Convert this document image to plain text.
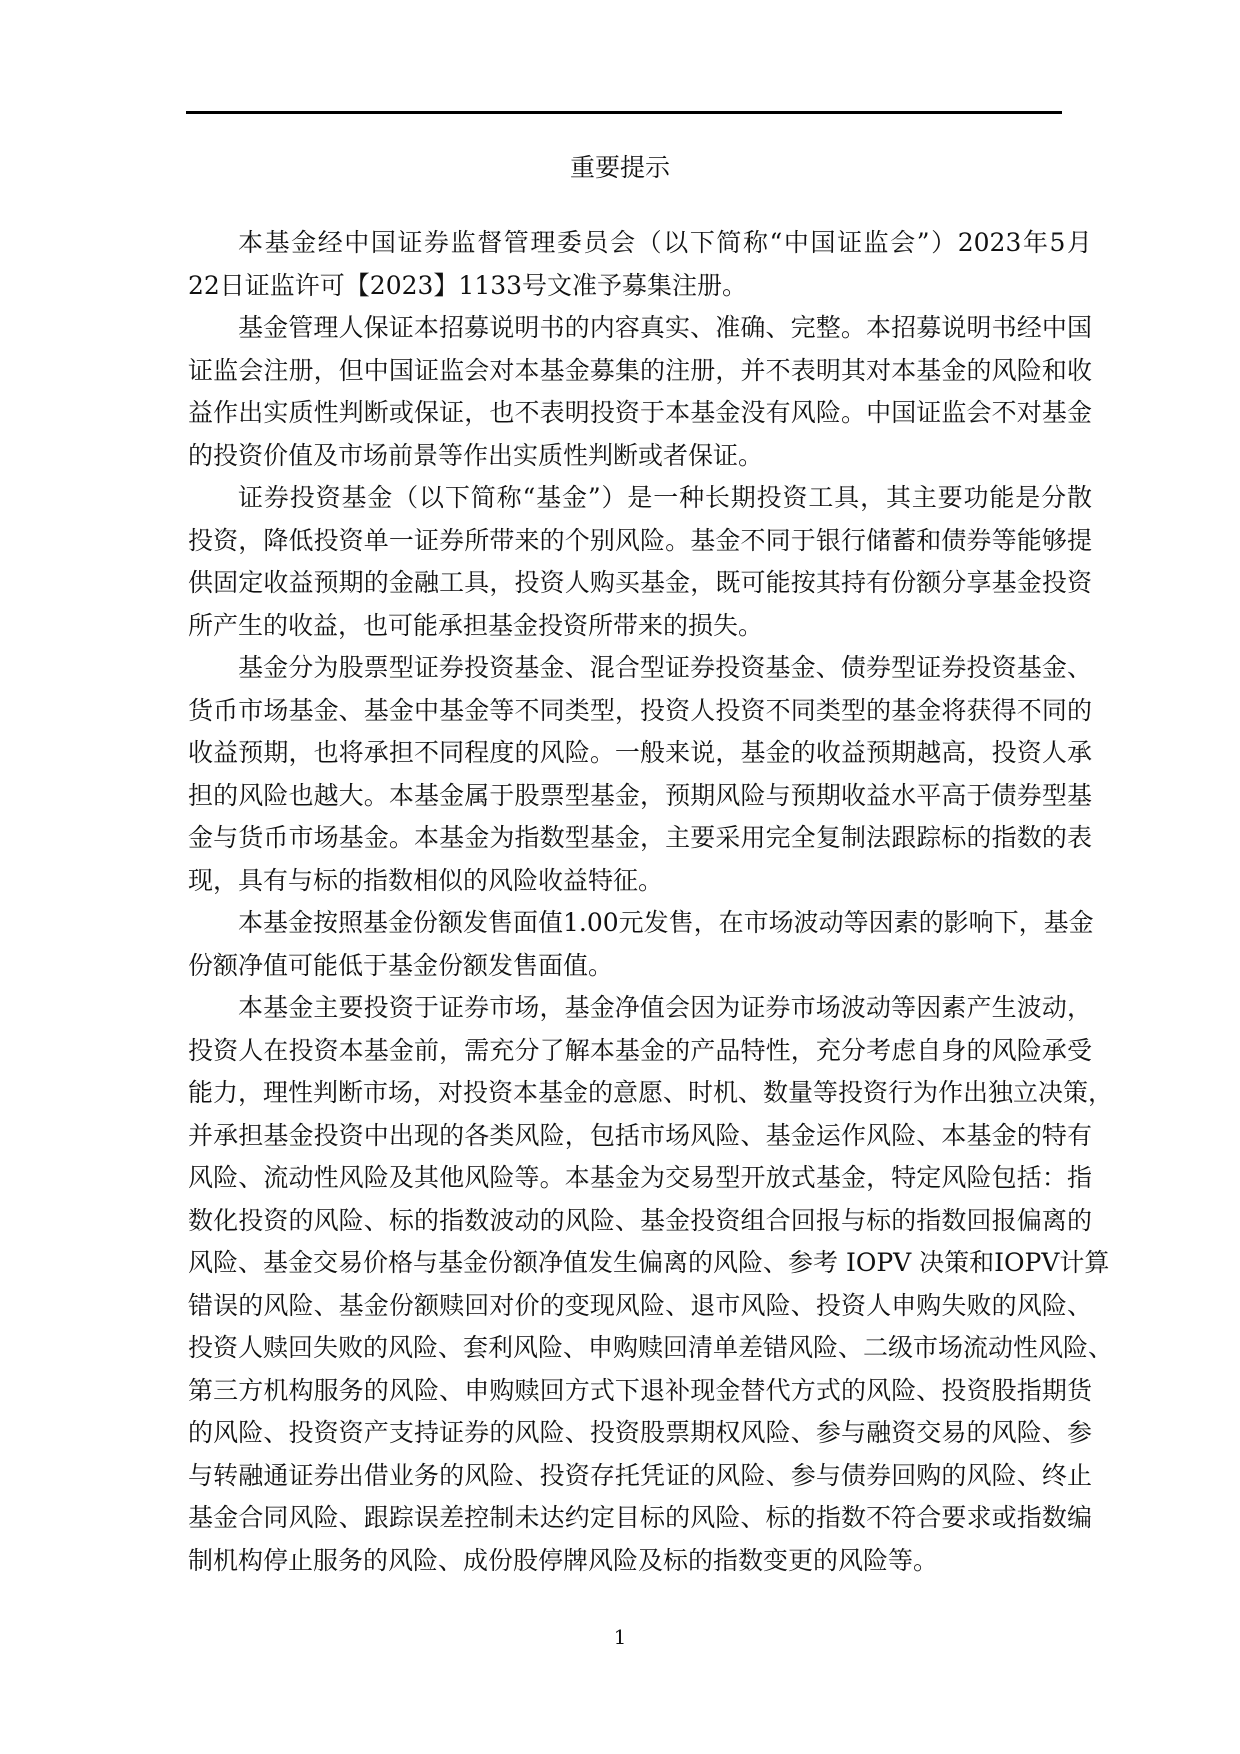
重要提示
本基金经中国证券监督管理委员会（以下简称“中国证监会”）2023年5月
22日证监许可【2023】1133号文准予募集注册。
基金管理人保证本招募说明书的内容真实、准确、完整。本招募说明书经中国
证监会注册，但中国证监会对本基金募集的注册，并不表明其对本基金的风险和收
益作出实质性判断或保证，也不表明投资于本基金没有风险。中国证监会不对基金
的投资价值及市场前景等作出实质性判断或者保证。
证券投资基金（以下简称“基金”）是一种长期投资工具，其主要功能是分散
投资，降低投资单一证券所带来的个别风险。基金不同于银行储蓄和债券等能够提
供固定收益预期的金融工具，投资人购买基金，既可能按其持有份额分享基金投资
所产生的收益，也可能承担基金投资所带来的损失。
基金分为股票型证券投资基金、混合型证券投资基金、债券型证券投资基金、
货币市场基金、基金中基金等不同类型，投资人投资不同类型的基金将获得不同的
收益预期，也将承担不同程度的风险。一般来说，基金的收益预期越高，投资人承
担的风险也越大。本基金属于股票型基金，预期风险与预期收益水平高于债券型基
金与货币市场基金。本基金为指数型基金，主要采用完全复制法跟踪标的指数的表
现，具有与标的指数相似的风险收益特征。
本基金按照基金份额发售面值1.00元发售，在市场波动等因素的影响下，基金
份额净值可能低于基金份额发售面值。
本基金主要投资于证券市场，基金净值会因为证券市场波动等因素产生波动，
投资人在投资本基金前，需充分了解本基金的产品特性，充分考虑自身的风险承受
能力，理性判断市场，对投资本基金的意愿、时机、数量等投资行为作出独立决策，
并承担基金投资中出现的各类风险，包括市场风险、基金运作风险、本基金的特有
风险、流动性风险及其他风险等。本基金为交易型开放式基金，特定风险包括：指
数化投资的风险、标的指数波动的风险、基金投资组合回报与标的指数回报偏离的
风险、基金交易价格与基金份额净值发生偏离的风险、参考 IOPV 决策和IOPV计算
错误的风险、基金份额赎回对价的变现风险、退市风险、投资人申购失败的风险、
投资人赎回失败的风险、套利风险、申购赎回清单差错风险、二级市场流动性风险、
第三方机构服务的风险、申购赎回方式下退补现金替代方式的风险、投资股指期货
的风险、投资资产支持证券的风险、投资股票期权风险、参与融资交易的风险、参
与转融通证券出借业务的风险、投资存托凭证的风险、参与债券回购的风险、终止
基金合同风险、跟踪误差控制未达约定目标的风险、标的指数不符合要求或指数编
制机构停止服务的风险、成份股停牌风险及标的指数变更的风险等。
1
